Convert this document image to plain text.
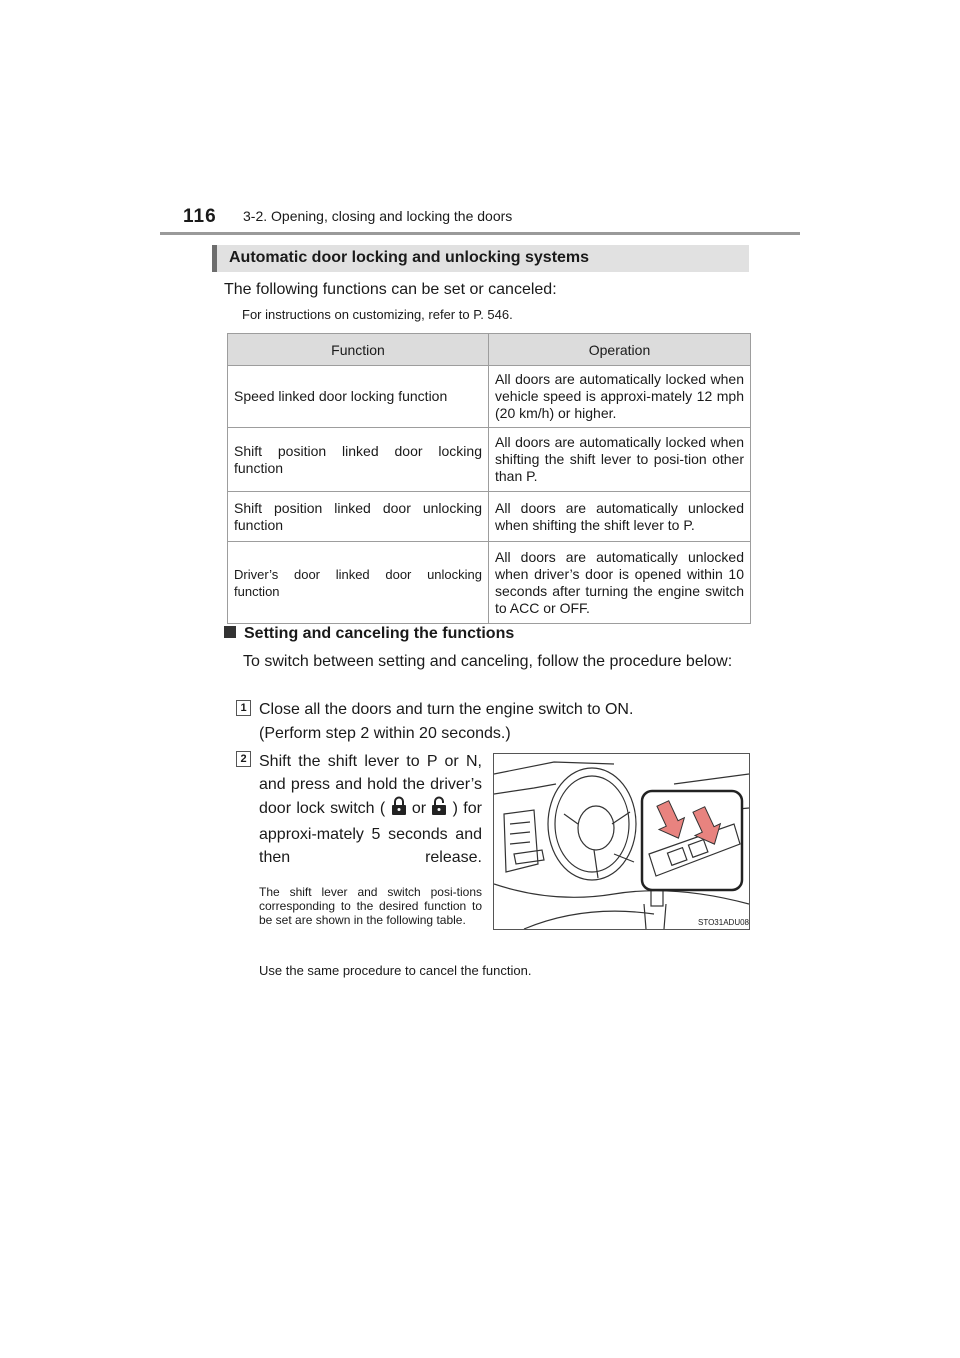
116 3-2. Opening, closing and locking the doors
Automatic door locking and unlocking systems
The following functions can be set or canceled:
For instructions on customizing, refer to P. 546.
Function	Operation
Speed linked door locking function	All doors are automatically locked when vehicle speed is approxi-mately 12 mph (20 km/h) or higher.
Shift position linked door locking function	All doors are automatically locked when shifting the shift lever to posi-tion other than P.
Shift position linked door unlocking function	All doors are automatically unlocked when shifting the shift lever to P.
Driver’s door linked door unlocking function	All doors are automatically unlocked when driver’s door is opened within 10 seconds after turning the engine switch to ACC or OFF.
Setting and canceling the functions
To switch between setting and canceling, follow the procedure below:
1 Close all the doors and turn the engine switch to ON.
(Perform step 2 within 20 seconds.)
2 Shift the shift lever to P or N, and press and hold the driver’s door lock switch ( or ) for approxi-mately 5 seconds and then release.
The shift lever and switch posi-tions corresponding to the desired function to be set are shown in the following table.
Use the same procedure to cancel the function.
STO31ADU08
